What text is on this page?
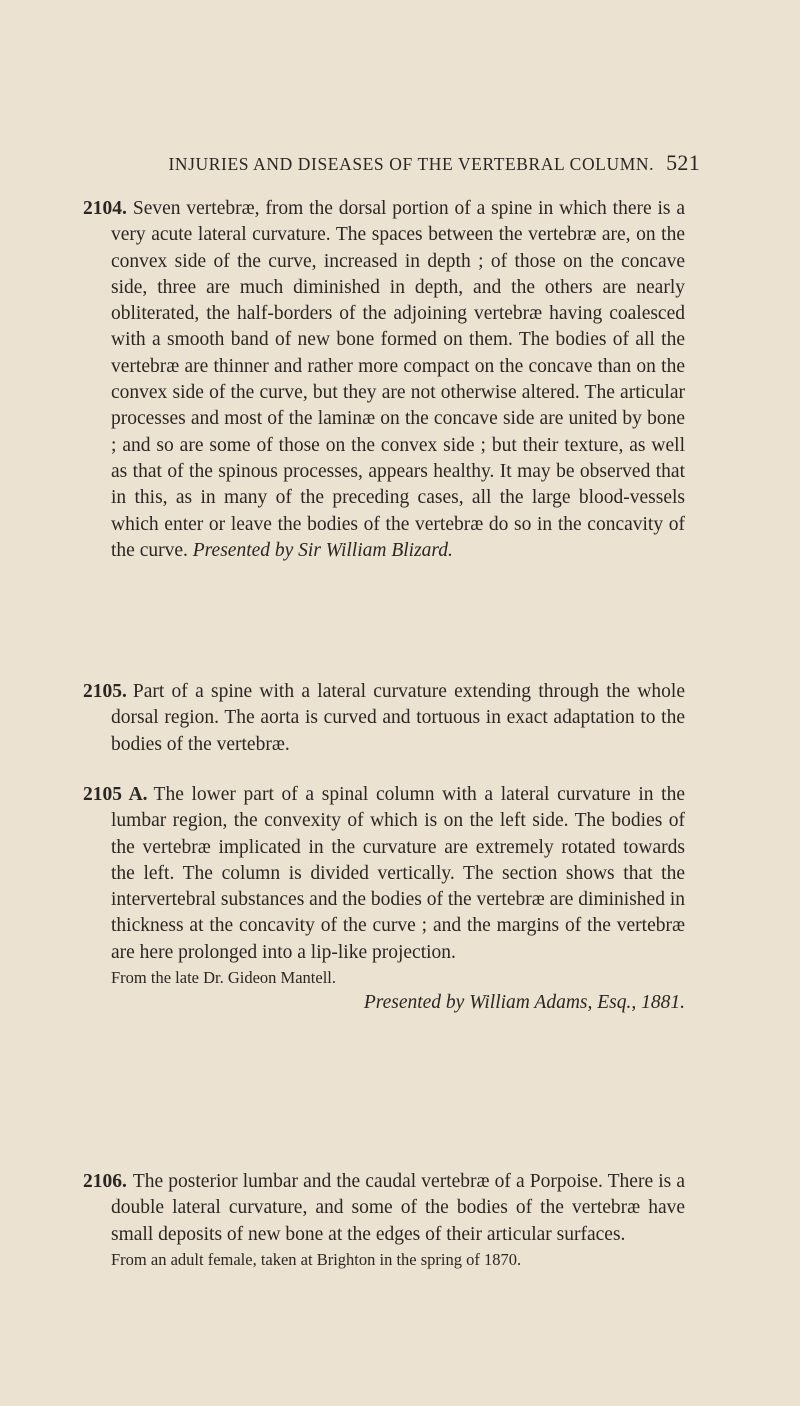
INJURIES AND DISEASES OF THE VERTEBRAL COLUMN. 521

2104. Seven vertebræ, from the dorsal portion of a spine in which there is a very acute lateral curvature. The spaces between the vertebræ are, on the convex side of the curve, increased in depth ; of those on the concave side, three are much diminished in depth, and the others are nearly obliterated, the half-borders of the adjoining vertebræ having coalesced with a smooth band of new bone formed on them. The bodies of all the vertebræ are thinner and rather more compact on the concave than on the convex side of the curve, but they are not otherwise altered. The articular processes and most of the laminæ on the concave side are united by bone ; and so are some of those on the convex side ; but their texture, as well as that of the spinous processes, appears healthy. It may be observed that in this, as in many of the preceding cases, all the large blood-vessels which enter or leave the bodies of the vertebræ do so in the concavity of the curve. Presented by Sir William Blizard.

2105. Part of a spine with a lateral curvature extending through the whole dorsal region. The aorta is curved and tortuous in exact adaptation to the bodies of the vertebræ.

2105 A. The lower part of a spinal column with a lateral curvature in the lumbar region, the convexity of which is on the left side. The bodies of the vertebræ implicated in the curvature are extremely rotated towards the left. The column is divided vertically. The section shows that the intervertebral substances and the bodies of the vertebræ are diminished in thickness at the concavity of the curve ; and the margins of the vertebræ are here prolonged into a lip-like projection.

From the late Dr. Gideon Mantell.
Presented by William Adams, Esq., 1881.

2106. The posterior lumbar and the caudal vertebræ of a Porpoise. There is a double lateral curvature, and some of the bodies of the vertebræ have small deposits of new bone at the edges of their articular surfaces.

From an adult female, taken at Brighton in the spring of 1870.
